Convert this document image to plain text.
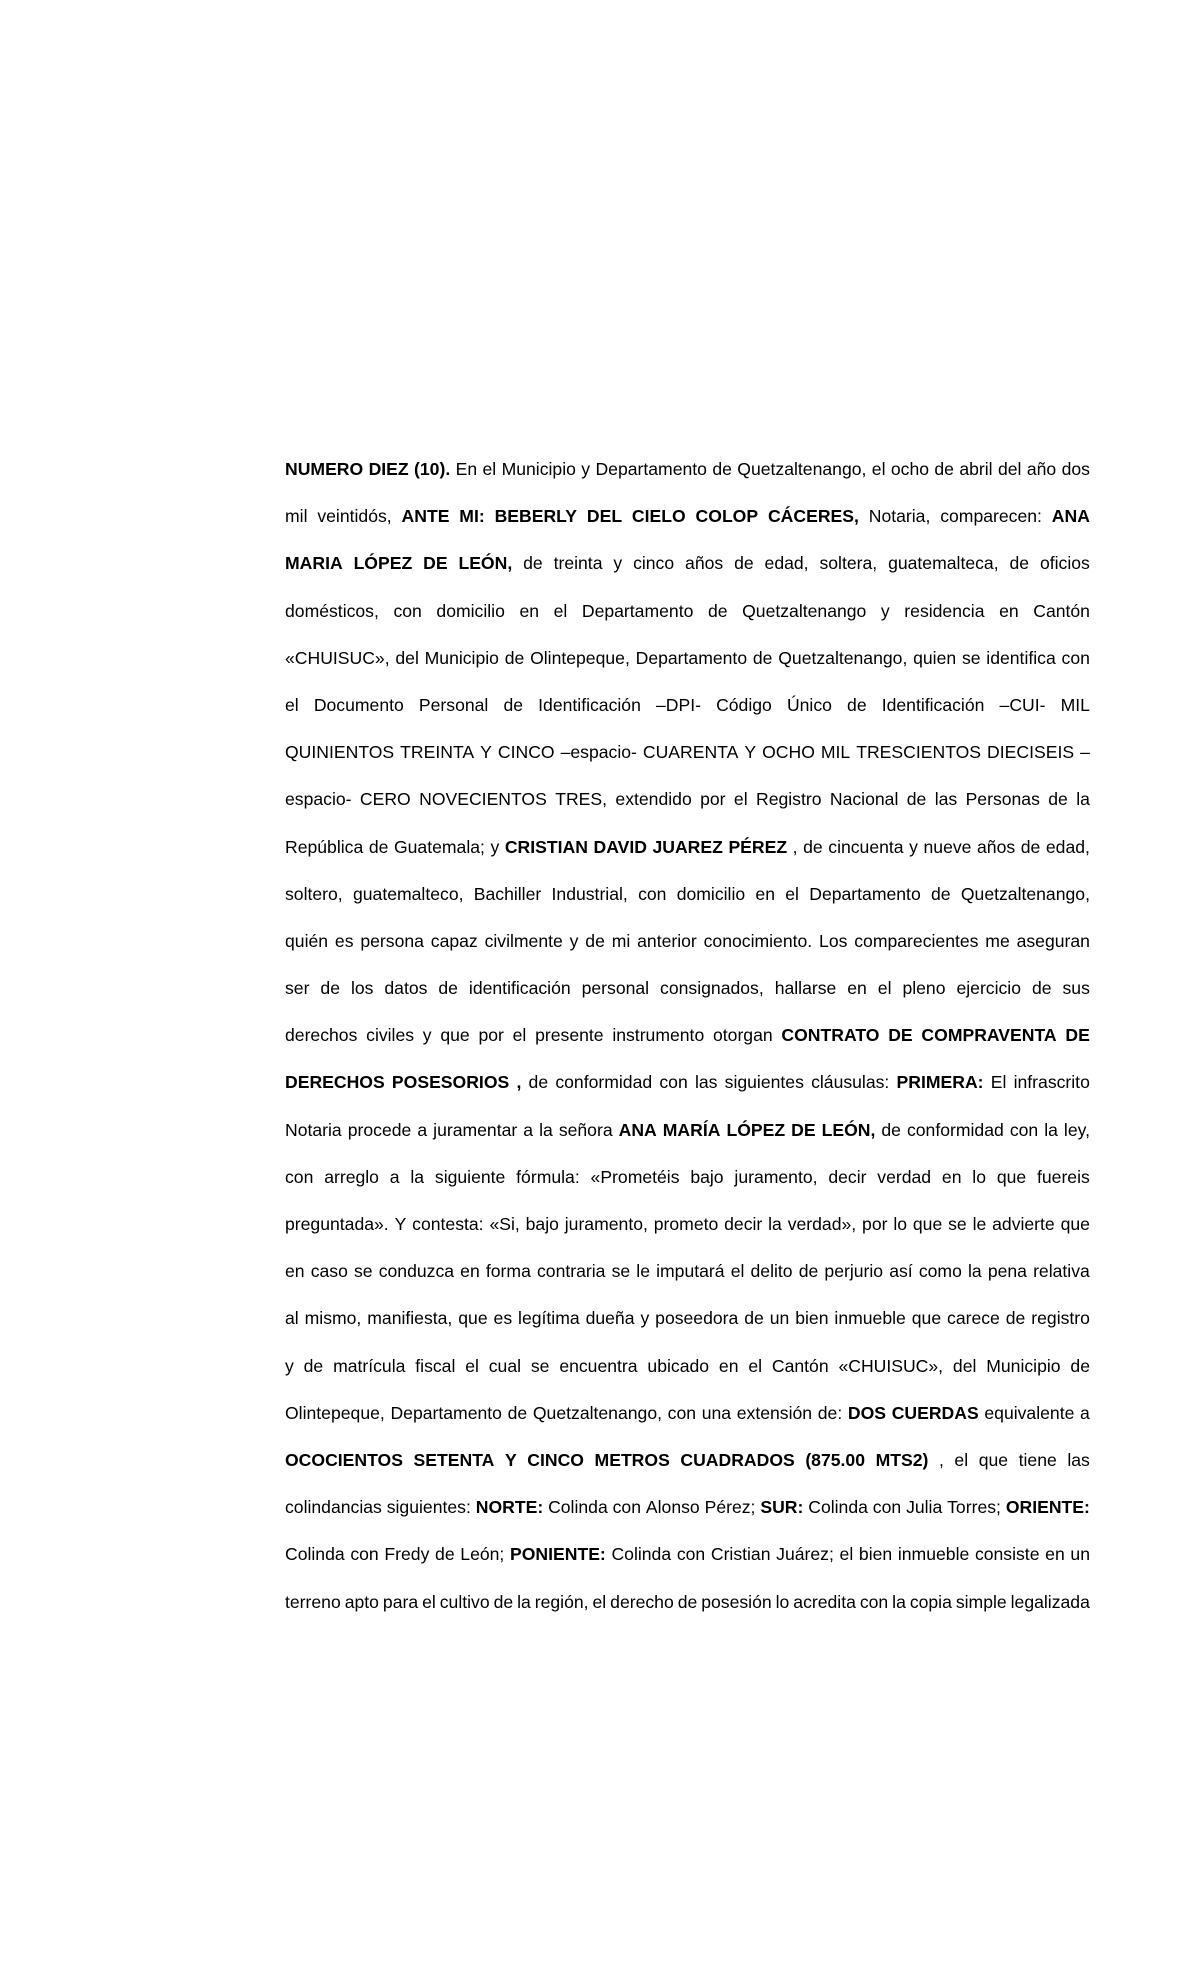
NUMERO DIEZ (10). En el Municipio y Departamento de Quetzaltenango, el ocho de abril del año dos
mil veintidós, ANTE MI: BEBERLY DEL CIELO COLOP CÁCERES, Notaria, comparecen: ANA
MARIA LÓPEZ DE LEÓN, de treinta y cinco años de edad, soltera, guatemalteca, de oficios
domésticos, con domicilio en el Departamento de Quetzaltenango y residencia en Cantón
«CHUISUC», del Municipio de Olintepeque, Departamento de Quetzaltenango, quien se identifica con
el Documento Personal de Identificación –DPI- Código Único de Identificación –CUI- MIL
QUINIENTOS TREINTA Y CINCO –espacio- CUARENTA Y OCHO MIL TRESCIENTOS DIECISEIS –
espacio- CERO NOVECIENTOS TRES, extendido por el Registro Nacional de las Personas de la
República de Guatemala; y CRISTIAN DAVID JUAREZ PÉREZ , de cincuenta y nueve años de edad,
soltero, guatemalteco, Bachiller Industrial, con domicilio en el Departamento de Quetzaltenango,
quién es persona capaz civilmente y de mi anterior conocimiento. Los comparecientes me aseguran
ser de los datos de identificación personal consignados, hallarse en el pleno ejercicio de sus
derechos civiles y que por el presente instrumento otorgan CONTRATO DE COMPRAVENTA DE
DERECHOS POSESORIOS , de conformidad con las siguientes cláusulas: PRIMERA: El infrascrito
Notaria procede a juramentar a la señora ANA MARÍA LÓPEZ DE LEÓN, de conformidad con la ley,
con arreglo a la siguiente fórmula: «Prometéis bajo juramento, decir verdad en lo que fuereis
preguntada». Y contesta: «Si, bajo juramento, prometo decir la verdad», por lo que se le advierte que
en caso se conduzca en forma contraria se le imputará el delito de perjurio así como la pena relativa
al mismo, manifiesta, que es legítima dueña y poseedora de un bien inmueble que carece de registro
y de matrícula fiscal el cual se encuentra ubicado en el Cantón «CHUISUC», del Municipio de
Olintepeque, Departamento de Quetzaltenango, con una extensión de: DOS CUERDAS equivalente a
OCOCIENTOS SETENTA Y CINCO METROS CUADRADOS (875.00 MTS2) , el que tiene las
colindancias siguientes: NORTE: Colinda con Alonso Pérez; SUR: Colinda con Julia Torres; ORIENTE:
Colinda con Fredy de León; PONIENTE: Colinda con Cristian Juárez; el bien inmueble consiste en un
terreno apto para el cultivo de la región, el derecho de posesión lo acredita con la copia simple legalizada
